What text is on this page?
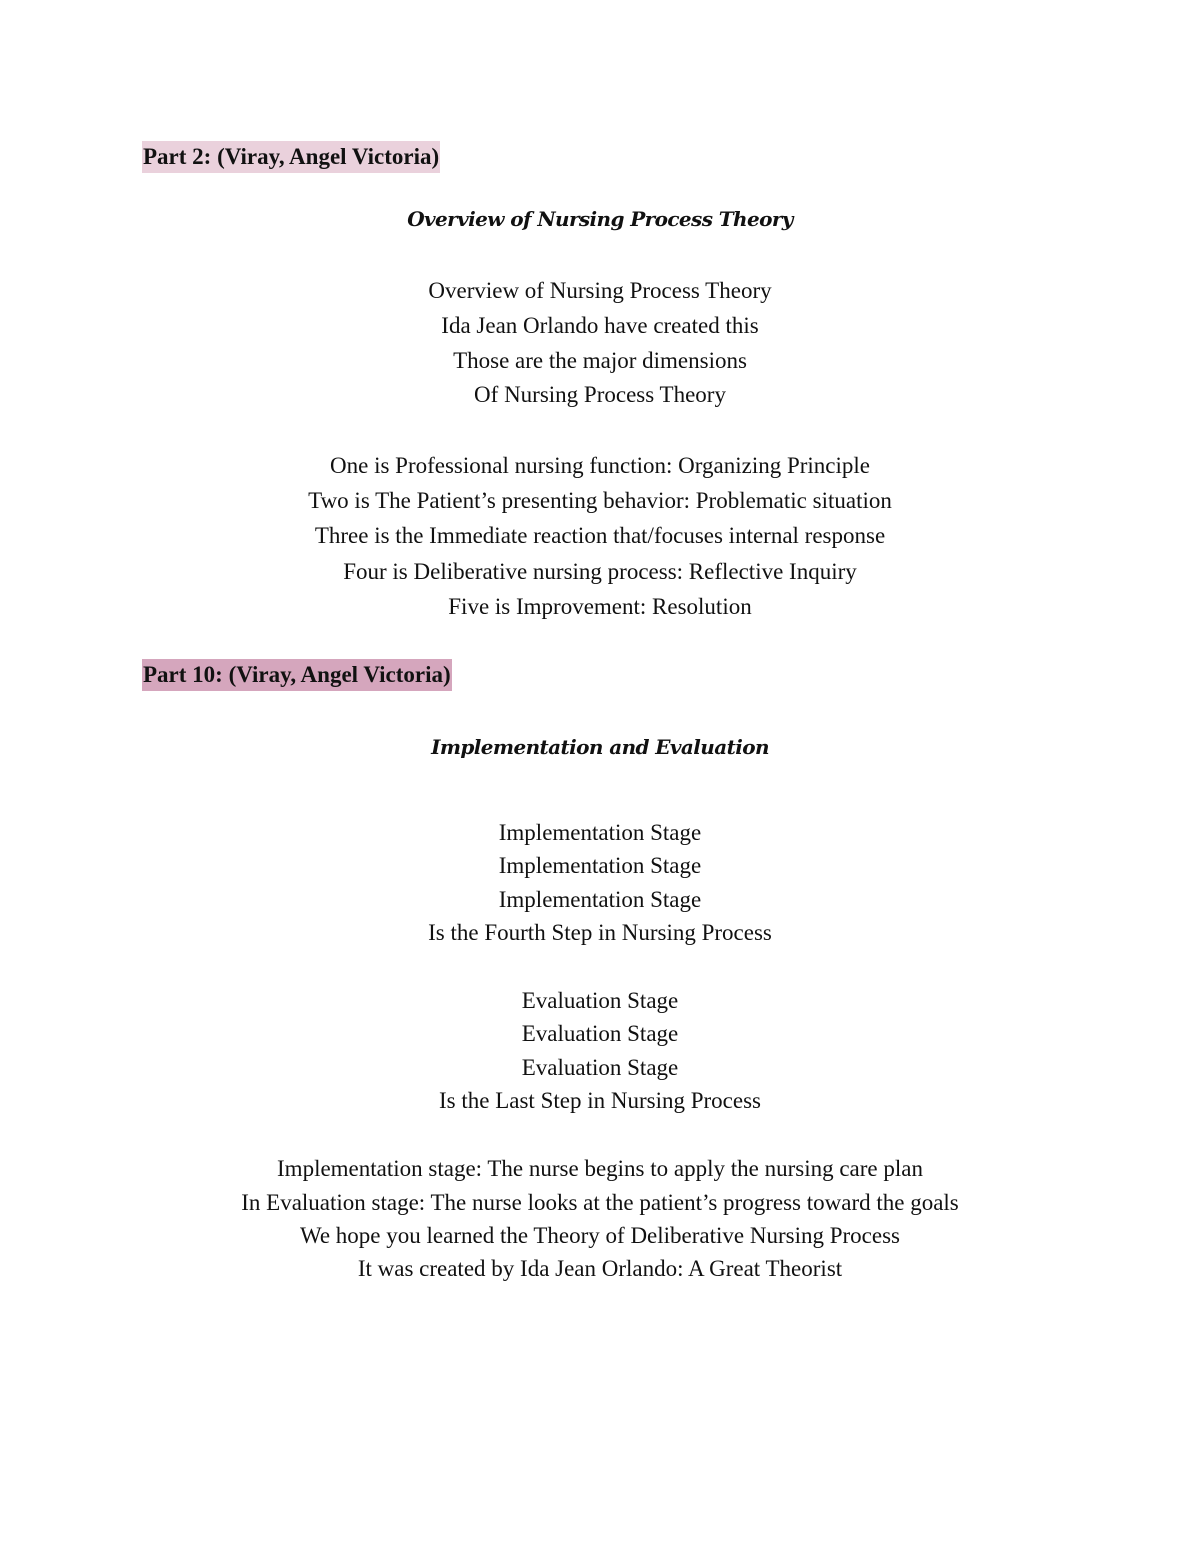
Part 2: (Viray, Angel Victoria)

Overview of Nursing Process Theory

Overview of Nursing Process Theory

Ida Jean Orlando have created this

Those are the major dimensions

Of Nursing Process Theory

One is Professional nursing function: Organizing Principle

Two is The Patient’s presenting behavior: Problematic situation

Three is the Immediate reaction that/focuses internal response

Four is Deliberative nursing process: Reflective Inquiry

Five is Improvement: Resolution

Part 10: (Viray, Angel Victoria)

Implementation and Evaluation

Implementation Stage

Implementation Stage

Implementation Stage

Is the Fourth Step in Nursing Process

Evaluation Stage

Evaluation Stage

Evaluation Stage

Is the Last Step in Nursing Process

Implementation stage: The nurse begins to apply the nursing care plan

In Evaluation stage: The nurse looks at the patient’s progress toward the goals

We hope you learned the Theory of Deliberative Nursing Process

It was created by Ida Jean Orlando: A Great Theorist
